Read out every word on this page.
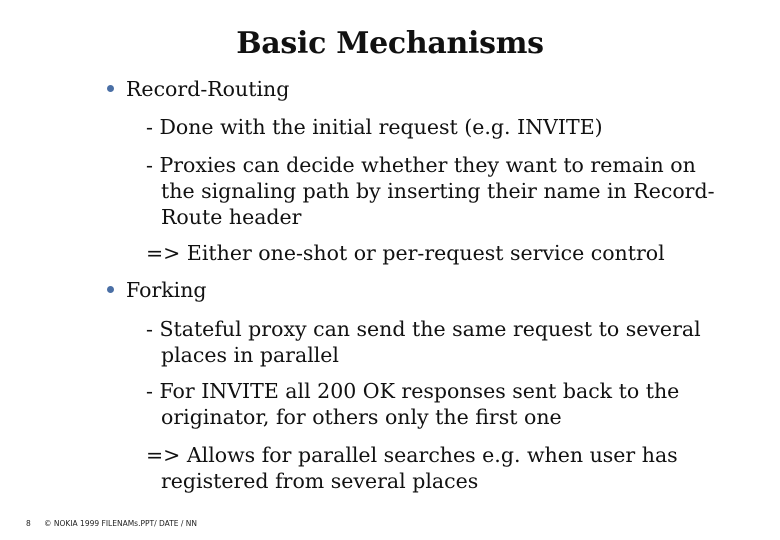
Basic Mechanisms
Record-Routing
- Done with the initial request (e.g. INVITE)
- Proxies can decide whether they want to remain on the signaling path by inserting their name in Record-Route header
=> Either one-shot or per-request service control
Forking
- Stateful proxy can send the same request to several places in parallel
- For INVITE all 200 OK responses sent back to the originator, for others only the first one
=> Allows for parallel searches e.g. when user has registered from several places
8 © NOKIA 1999 FILENAMs.PPT/ DATE / NN
